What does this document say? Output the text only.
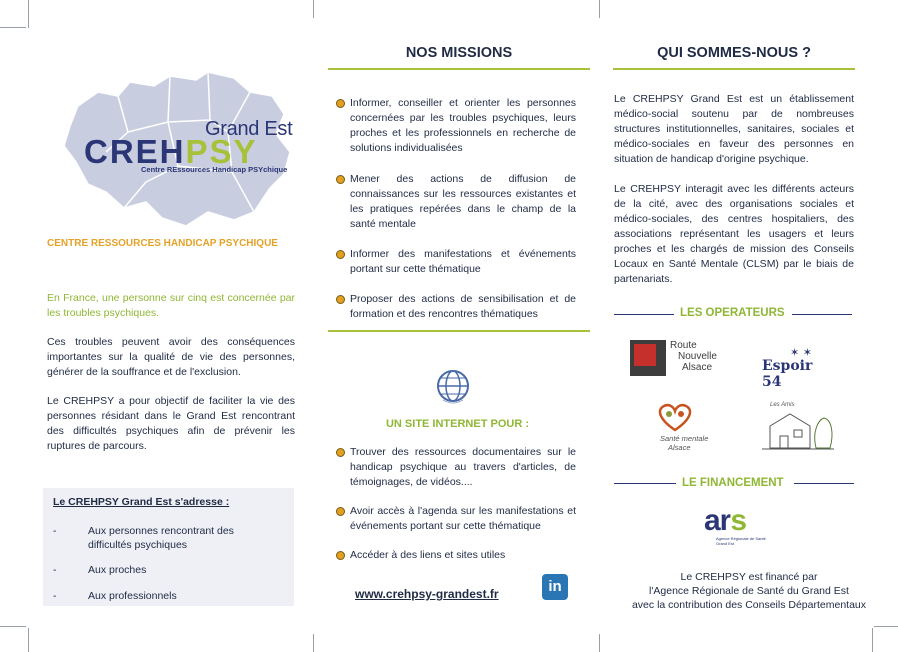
Grand Est
CREHPSY
Centre REssources Handicap PSYchique
CENTRE RESSOURCES HANDICAP PSYCHIQUE
En France, une personne sur cinq est concernée par les troubles psychiques.
Ces troubles peuvent avoir des conséquences importantes sur la qualité de vie des personnes, générer de la souffrance et de l'exclusion.
Le CREHPSY a pour objectif de faciliter la vie des personnes résidant dans le Grand Est rencontrant des difficultés psychiques afin de prévenir les ruptures de parcours.
Le CREHPSY Grand Est s'adresse :
-	Aux personnes rencontrant des difficultés psychiques
-	Aux proches
-	Aux professionnels
NOS MISSIONS
Informer, conseiller et orienter les personnes concernées par les troubles psychiques, leurs proches et les professionnels en recherche de solutions individualisées
Mener des actions de diffusion de connaissances sur les ressources existantes et les pratiques repérées dans le champ de la santé mentale
Informer des manifestations et événements portant sur cette thématique
Proposer des actions de sensibilisation et de formation et des rencontres thématiques
UN SITE INTERNET POUR :
Trouver des ressources documentaires sur le handicap psychique au travers d'articles, de témoignages, de vidéos....
Avoir accès à l'agenda sur les manifestations et événements portant sur cette thématique
Accéder à des liens et sites utiles
www.crehpsy-grandest.fr	in
QUI SOMMES-NOUS ?
Le CREHPSY Grand Est est un établissement médico-social soutenu par de nombreuses structures institutionnelles, sanitaires, sociales et médico-sociales en faveur des personnes en situation de handicap d'origine psychique.
Le CREHPSY interagit avec les différents acteurs de la cité, avec des organisations sociales et médico-sociales, des centres hospitaliers, des associations représentant les usagers et leurs proches et les chargés de mission des Conseils Locaux en Santé Mentale (CLSM) par le biais de partenariats.
LES OPERATEURS
Route
Nouvelle
Alsace
✶ ✶
Espoir 54
Santé mentale
Alsace
Les Amis
LE FINANCEMENT
ars
Agence Régionale de Santé
Grand Est
Le CREHPSY est financé par
l'Agence Régionale de Santé du Grand Est
avec la contribution des Conseils Départementaux
